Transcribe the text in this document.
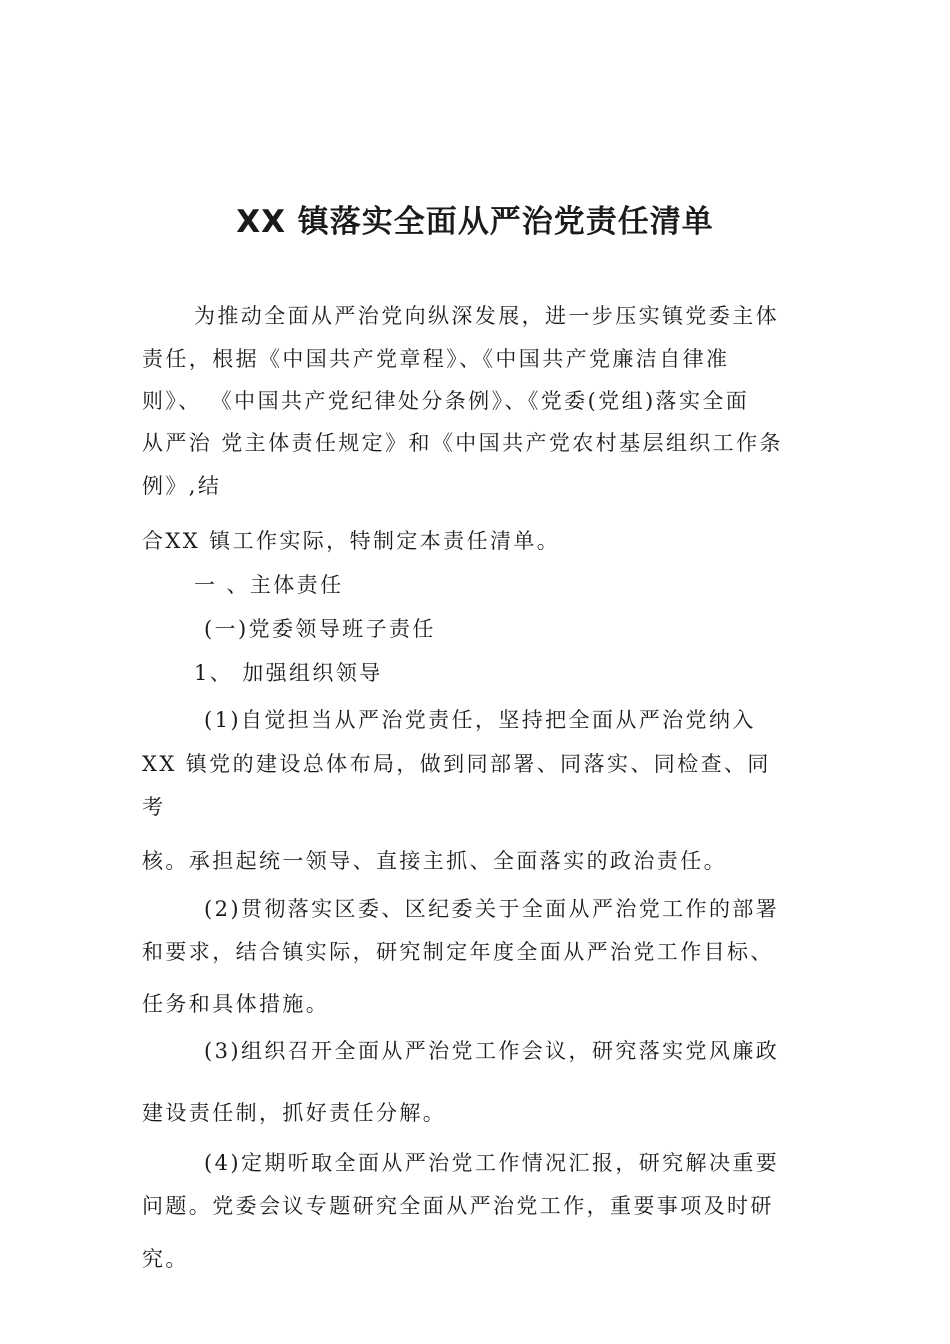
XX 镇落实全面从严治党责任清单

为推动全面从严治党向纵深发展，进一步压实镇党委主体

责任，根据《中国共产党章程》、《中国共产党廉洁自律准

则》、 《中国共产党纪律处分条例》、《党委(党组)落实全面

从严治 党主体责任规定》和《中国共产党农村基层组织工作条

例》,结

合XX 镇工作实际，特制定本责任清单。

一 、主体责任

(一)党委领导班子责任

1、 加强组织领导

(1)自觉担当从严治党责任，坚持把全面从严治党纳入

XX 镇党的建设总体布局，做到同部署、同落实、同检查、同

考

核。承担起统一领导、直接主抓、全面落实的政治责任。

(2)贯彻落实区委、区纪委关于全面从严治党工作的部署

和要求，结合镇实际，研究制定年度全面从严治党工作目标、

任务和具体措施。

(3)组织召开全面从严治党工作会议，研究落实党风廉政

建设责任制，抓好责任分解。

(4)定期听取全面从严治党工作情况汇报，研究解决重要

问题。党委会议专题研究全面从严治党工作，重要事项及时研

究。
